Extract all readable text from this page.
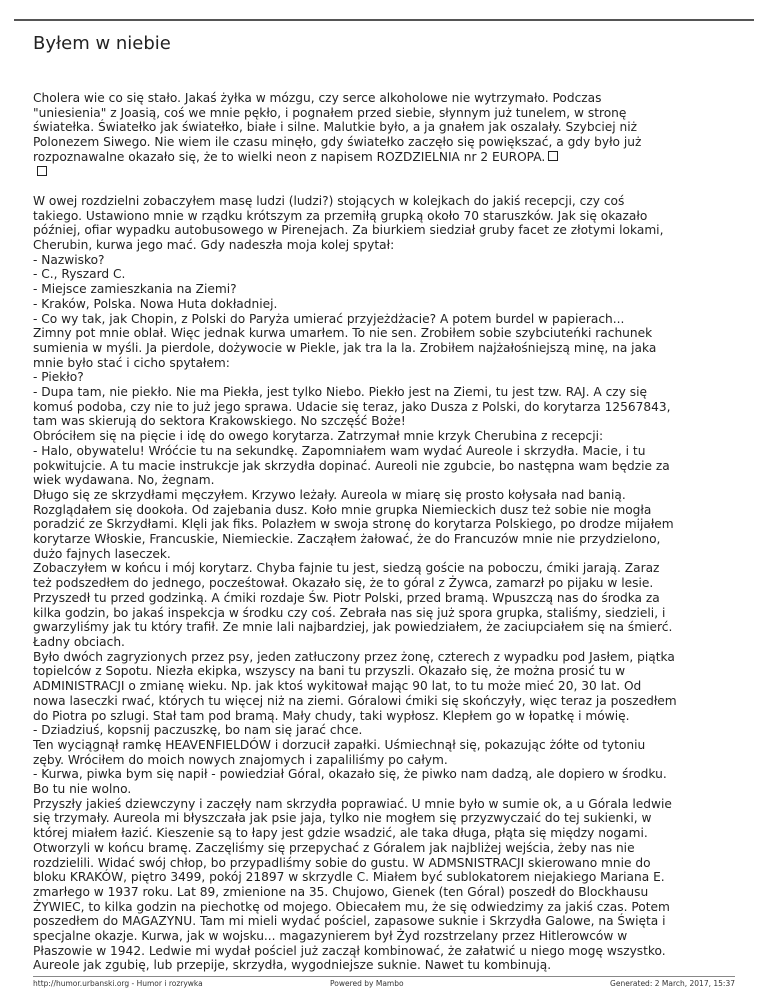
Byłem w niebie

Cholera wie co się stało. Jakaś żyłka w mózgu, czy serce alkoholowe nie wytrzymało. Podczas
"uniesienia" z Joasią, coś we mnie pękło, i pognałem przed siebie, słynnym już tunelem, w stronę
światełka. Światełko jak światełko, białe i silne. Malutkie było, a ja gnałem jak oszalały. Szybciej niż
Polonezem Siwego. Nie wiem ile czasu minęło, gdy światełko zaczęło się powiększać, a gdy było już
rozpoznawalne okazało się, że to wielki neon z napisem ROZDZIELNIA nr 2 EUROPA.

W owej rozdzielni zobaczyłem masę ludzi (ludzi?) stojących w kolejkach do jakiś recepcji, czy coś
takiego. Ustawiono mnie w rządku krótszym za przemiłą grupką około 70 staruszków. Jak się okazało
później, ofiar wypadku autobusowego w Pirenejach. Za biurkiem siedział gruby facet ze złotymi lokami,
Cherubin, kurwa jego mać. Gdy nadeszła moja kolej spytał:
- Nazwisko?
- C., Ryszard C.
- Miejsce zamieszkania na Ziemi?
- Kraków, Polska. Nowa Huta dokładniej.
- Co wy tak, jak Chopin, z Polski do Paryża umierać przyjeżdżacie? A potem burdel w papierach...
Zimny pot mnie oblał. Więc jednak kurwa umarłem. To nie sen. Zrobiłem sobie szybciuteńki rachunek
sumienia w myśli. Ja pierdole, dożywocie w Piekle, jak tra la la. Zrobiłem najżałośniejszą minę, na jaka
mnie było stać i cicho spytałem:
- Piekło?
- Dupa tam, nie piekło. Nie ma Piekła, jest tylko Niebo. Piekło jest na Ziemi, tu jest tzw. RAJ. A czy się
komuś podoba, czy nie to już jego sprawa. Udacie się teraz, jako Dusza z Polski, do korytarza 12567843,
tam was skierują do sektora Krakowskiego. No szczęść Boże!
Obróciłem się na pięcie i idę do owego korytarza. Zatrzymał mnie krzyk Cherubina z recepcji:
- Halo, obywatelu! Wróćcie tu na sekundkę. Zapomniałem wam wydać Aureole i skrzydła. Macie, i tu
pokwitujcie. A tu macie instrukcje jak skrzydła dopinać. Aureoli nie zgubcie, bo następna wam będzie za
wiek wydawana. No, żegnam.
Długo się ze skrzydłami męczyłem. Krzywo leżały. Aureola w miarę się prosto kołysała nad banią.
Rozglądałem się dookoła. Od zajebania dusz. Koło mnie grupka Niemieckich dusz też sobie nie mogła
poradzić ze Skrzydłami. Klęli jak fiks. Polazłem w swoja stronę do korytarza Polskiego, po drodze mijałem
korytarze Włoskie, Francuskie, Niemieckie. Zacząłem żałować, że do Francuzów mnie nie przydzielono,
dużo fajnych laseczek.
Zobaczyłem w końcu i mój korytarz. Chyba fajnie tu jest, siedzą goście na poboczu, ćmiki jarają. Zaraz
też podszedłem do jednego, pocześtował. Okazało się, że to góral z Żywca, zamarzł po pijaku w lesie.
Przyszedł tu przed godzinką. A ćmiki rozdaje Św. Piotr Polski, przed bramą. Wpuszczą nas do środka za
kilka godzin, bo jakaś inspekcja w środku czy coś. Zebrała nas się już spora grupka, staliśmy, siedzieli, i
gwarzyliśmy jak tu który trafił. Ze mnie lali najbardziej, jak powiedziałem, że zaciupciałem się na śmierć.
Ładny obciach.
Było dwóch zagryzionych przez psy, jeden zatłuczony przez żonę, czterech z wypadku pod Jasłem, piątka
topielców z Sopotu. Niezła ekipka, wszyscy na bani tu przyszli. Okazało się, że można prosić tu w
ADMINISTRACJI o zmianę wieku. Np. jak ktoś wykitował mając 90 lat, to tu może mieć 20, 30 lat. Od
nowa laseczki rwać, których tu więcej niż na ziemi. Góralowi ćmiki się skończyły, więc teraz ja poszedłem
do Piotra po szlugi. Stał tam pod bramą. Mały chudy, taki wypłosz. Klepłem go w łopatkę i mówię.
- Dziadziuś, kopsnij paczuszkę, bo nam się jarać chce.
Ten wyciągnął ramkę HEAVENFIELDÓW i dorzucił zapałki. Uśmiechnął się, pokazując żółte od tytoniu
zęby. Wróciłem do moich nowych znajomych i zapaliliśmy po całym.
- Kurwa, piwka bym się napił - powiedział Góral, okazało się, że piwko nam dadzą, ale dopiero w środku.
Bo tu nie wolno.
Przyszły jakieś dziewczyny i zaczęły nam skrzydła poprawiać. U mnie było w sumie ok, a u Górala ledwie
się trzymały. Aureola mi błyszczała jak psie jaja, tylko nie mogłem się przyzwyczaić do tej sukienki, w
której miałem łazić. Kieszenie są to łapy jest gdzie wsadzić, ale taka długa, płąta się między nogami.
Otworzyli w końcu bramę. Zaczęliśmy się przepychać z Góralem jak najbliżej wejścia, żeby nas nie
rozdzielili. Widać swój chłop, bo przypadliśmy sobie do gustu. W ADMSNISTRACJI skierowano mnie do
bloku KRAKÓW, piętro 3499, pokój 21897 w skrzydle C. Miałem być sublokatorem niejakiego Mariana E.
zmarłego w 1937 roku. Lat 89, zmienione na 35. Chujowo, Gienek (ten Góral) poszedł do Blockhausu
ŻYWIEC, to kilka godzin na piechotkę od mojego. Obiecałem mu, że się odwiedzimy za jakiś czas. Potem
poszedłem do MAGAZYNU. Tam mi mieli wydać pościel, zapasowe suknie i Skrzydła Galowe, na Święta i
specjalne okazje. Kurwa, jak w wojsku... magazynierem był Żyd rozstrzelany przez Hitlerowców w
Płaszowie w 1942. Ledwie mi wydał pościel już zaczął kombinować, że załatwić u niego mogę wszystko.
Aureole jak zgubię, lub przepije, skrzydła, wygodniejsze suknie. Nawet tu kombinują.

http://humor.urbanski.org - Humor i rozrywka	Powered by Mambo	Generated: 2 March, 2017, 15:37
